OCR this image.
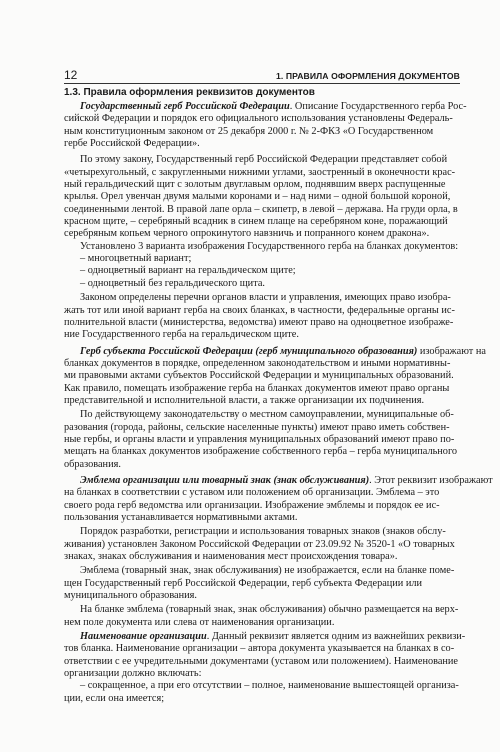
12	1. ПРАВИЛА ОФОРМЛЕНИЯ ДОКУМЕНТОВ
1.3. Правила оформления реквизитов документов
Государственный герб Российской Федерации. Описание Государственного герба Рос-
сийской Федерации и порядок его официального использования установлены Федераль-
ным конституционным законом от 25 декабря 2000 г. № 2-ФКЗ «О Государственном
гербе Российской Федерации».
По этому закону, Государственный герб Российской Федерации представляет собой
«четырехугольный, с закругленными нижними углами, заостренный в оконечности крас-
ный геральдический щит с золотым двуглавым орлом, поднявшим вверх распущенные
крылья. Орел увенчан двумя малыми коронами и – над ними – одной большой короной,
соединенными лентой. В правой лапе орла – скипетр, в левой – держава. На груди орла, в
красном щите, – серебряный всадник в синем плаще на серебряном коне, поражающий
серебряным копьем черного опрокинутого навзничь и попранного конем дракона».
Установлено 3 варианта изображения Государственного герба на бланках документов:
– многоцветный вариант;
– одноцветный вариант на геральдическом щите;
– одноцветный без геральдического щита.
Законом определены перечни органов власти и управления, имеющих право изобра-
жать тот или иной вариант герба на своих бланках, в частности, федеральные органы ис-
полнительной власти (министерства, ведомства) имеют право на одноцветное изображе-
ние Государственного герба на геральдическом щите.
Герб субъекта Российской Федерации (герб муниципального образования) изображают на
бланках документов в порядке, определенном законодательством и иными нормативны-
ми правовыми актами субъектов Российской Федерации и муниципальных образований.
Как правило, помещать изображение герба на бланках документов имеют право органы
представительной и исполнительной власти, а также организации их подчинения.
По действующему законодательству о местном самоуправлении, муниципальные об-
разования (города, районы, сельские населенные пункты) имеют право иметь собствен-
ные гербы, и органы власти и управления муниципальных образований имеют право по-
мещать на бланках документов изображение собственного герба – герба муниципального
образования.
Эмблема организации или товарный знак (знак обслуживания). Этот реквизит изображают
на бланках в соответствии с уставом или положением об организации. Эмблема – это
своего рода герб ведомства или организации. Изображение эмблемы и порядок ее ис-
пользования устанавливается нормативными актами.
Порядок разработки, регистрации и использования товарных знаков (знаков обслу-
живания) установлен Законом Российской Федерации от 23.09.92 № 3520-1 «О товарных
знаках, знаках обслуживания и наименования мест происхождения товара».
Эмблема (товарный знак, знак обслуживания) не изображается, если на бланке поме-
щен Государственный герб Российской Федерации, герб субъекта Федерации или
муниципального образования.
На бланке эмблема (товарный знак, знак обслуживания) обычно размещается на верх-
нем поле документа или слева от наименования организации.
Наименование организации. Данный реквизит является одним из важнейших реквизи-
тов бланка. Наименование организации – автора документа указывается на бланках в со-
ответствии с ее учредительными документами (уставом или положением). Наименование
организации должно включать:
– сокращенное, а при его отсутствии – полное, наименование вышестоящей организа-
ции, если она имеется;
